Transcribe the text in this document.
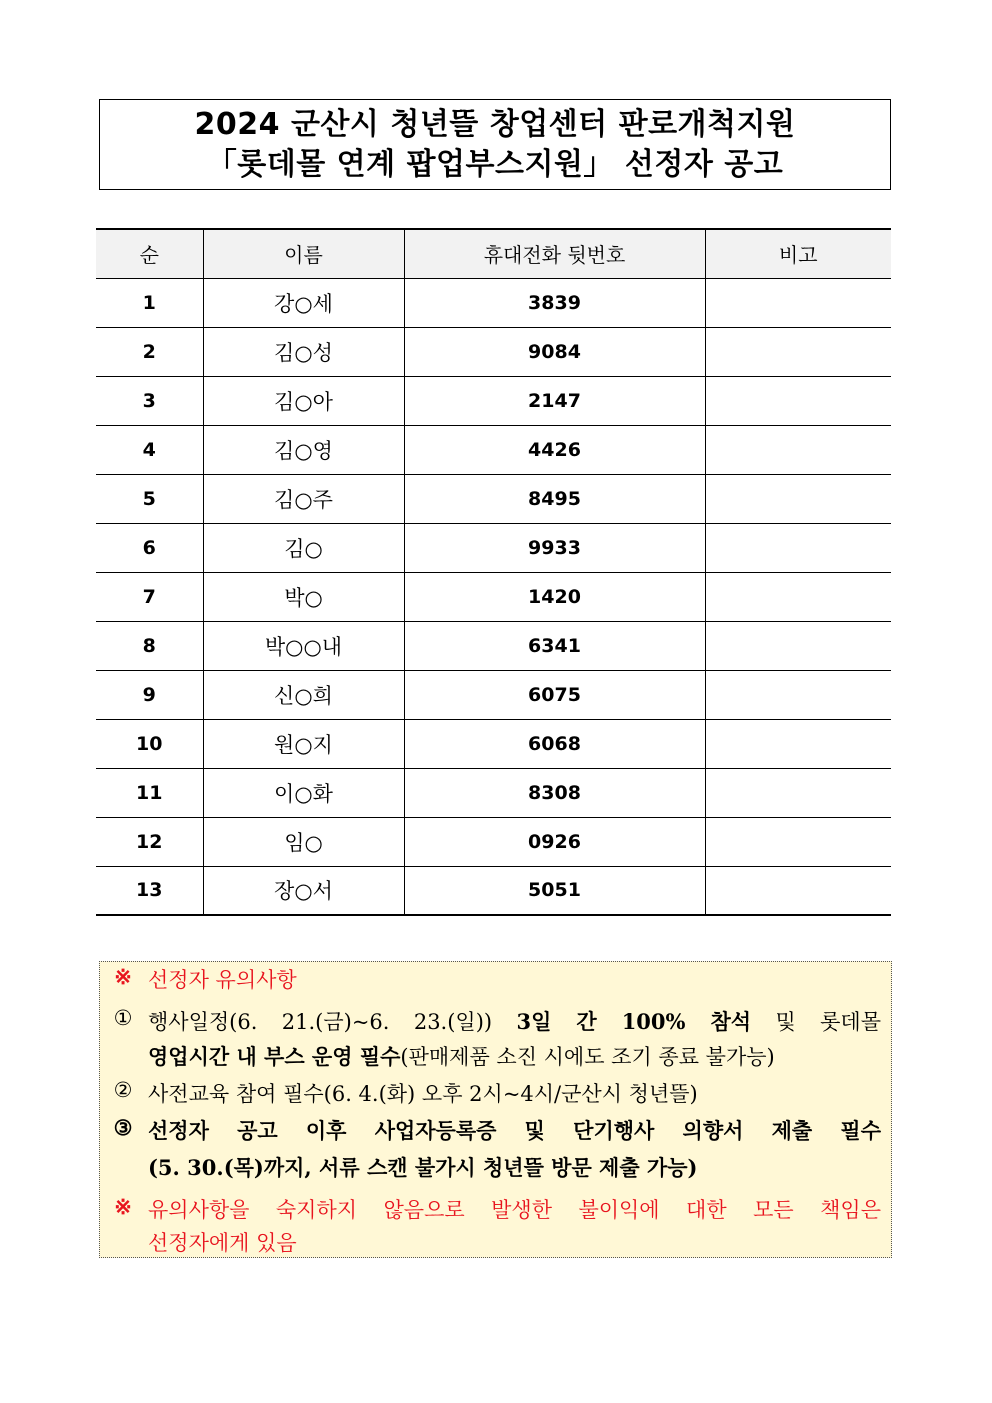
2024 군산시 청년뜰 창업센터 판로개척지원
「롯데몰 연계 팝업부스지원」 선정자 공고
순	이름	휴대전화 뒷번호	비고
1	강○세	3839	
2	김○성	9084	
3	김○아	2147	
4	김○영	4426	
5	김○주	8495	
6	김○	9933	
7	박○	1420	
8	박○○내	6341	
9	신○희	6075	
10	원○지	6068	
11	이○화	8308	
12	임○	0926	
13	장○서	5051	
※ 선정자 유의사항
① 행사일정(6. 21.(금)~6. 23.(일)) 3일 간 100% 참석 및 롯데몰
영업시간 내 부스 운영 필수(판매제품 소진 시에도 조기 종료 불가능)
② 사전교육 참여 필수(6. 4.(화) 오후 2시~4시/군산시 청년뜰)
③ 선정자 공고 이후 사업자등록증 및 단기행사 의향서 제출 필수
(5. 30.(목)까지, 서류 스캔 불가시 청년뜰 방문 제출 가능)
※ 유의사항을 숙지하지 않음으로 발생한 불이익에 대한 모든 책임은
선정자에게 있음
